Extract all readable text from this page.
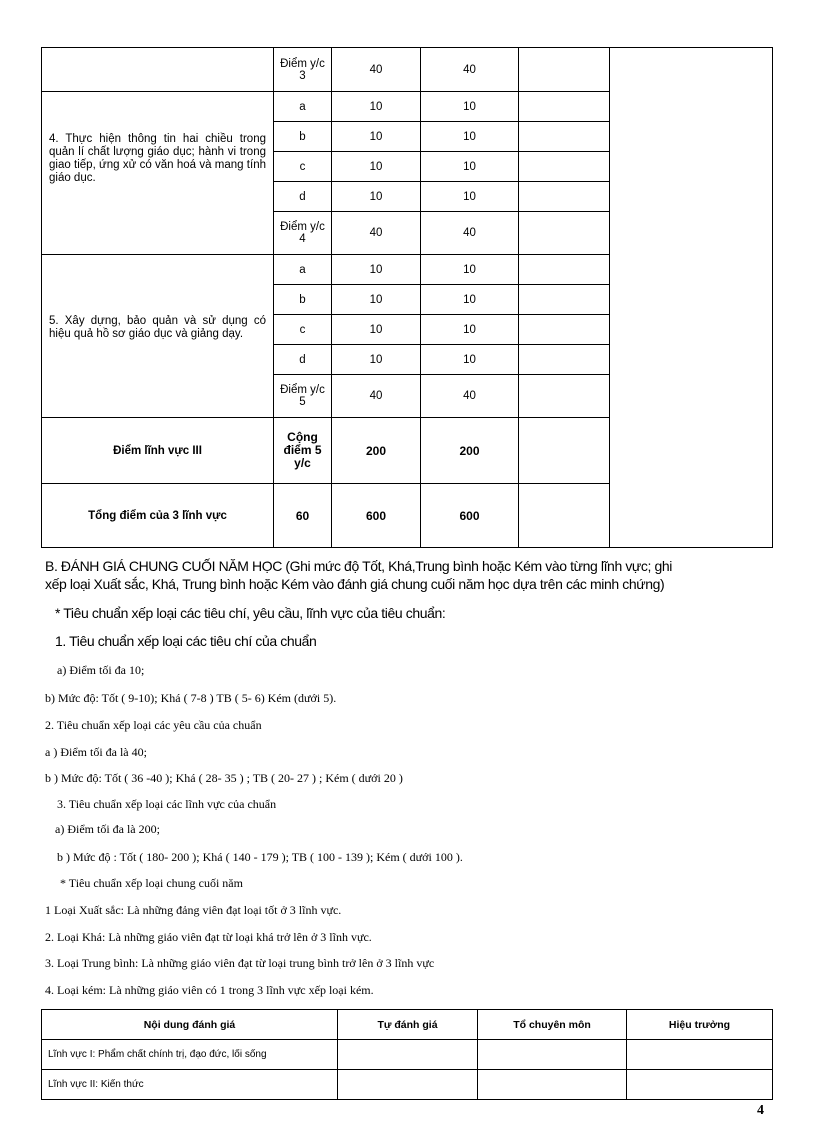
	Điểm y/c 3	40	40		

4. Thực hiện thông tin hai chiều trong quản lí chất lượng giáo dục; hành vi trong giao tiếp, ứng xử có văn hoá và mang tính giáo dục.	a	10	10		
	b	10	10		
	c	10	10		
	d	10	10		
	Điểm y/c 4	40	40		

5. Xây dựng, bảo quản và sử dụng có hiệu quả hồ sơ giáo dục và giảng dạy.	a	10	10		
	b	10	10		
	c	10	10		
	d	10	10		
	Điểm y/c 5	40	40		
Điểm lĩnh vực III	Cộng điểm 5 y/c	200	200		
Tổng điểm của 3 lĩnh vực	60	600	600		
B. ĐÁNH GIÁ CHUNG CUỐI NĂM HỌC (Ghi mức độ Tốt, Khá,Trung bình hoặc Kém vào từng lĩnh vực; ghi
xếp loại Xuất sắc, Khá, Trung bình hoặc Kém vào đánh giá chung cuối năm học dựa trên các minh chứng)
* Tiêu chuẩn xếp loại các tiêu chí, yêu cầu, lĩnh vực của tiêu chuẩn:
1. Tiêu chuẩn xếp loại các tiêu chí của chuẩn
a) Điểm tối đa 10;
b) Mức độ: Tốt ( 9-10); Khá ( 7-8 ) TB ( 5- 6) Kém (dưới 5).
2. Tiêu chuẩn xếp loại các yêu cầu của chuẩn
a ) Điểm tối đa là 40;
b ) Mức độ: Tốt ( 36 -40 ); Khá ( 28- 35 ) ; TB ( 20- 27 ) ; Kém ( dưới 20 )
3. Tiêu chuẩn xếp loại các lĩnh vực của chuẩn
a) Điểm tối đa là 200;
b ) Mức độ : Tốt ( 180- 200 ); Khá ( 140 - 179 ); TB ( 100 - 139 ); Kém ( dưới 100 ).
* Tiêu chuẩn xếp loại chung cuối năm
1 Loại Xuất sắc: Là những đảng viên đạt loại tốt ở 3 lĩnh vực.
2. Loại Khá: Là những giáo viên đạt từ loại khá trở lên ở 3 lĩnh vực.
3. Loại Trung bình: Là những giáo viên đạt từ loại trung bình trở lên ở 3 lĩnh vực
4. Loại kém: Là những giáo viên có 1 trong 3 lĩnh vực xếp loại kém.
Nội dung đánh giá	Tự đánh giá	Tổ chuyên môn	Hiệu trưởng
Lĩnh vực I: Phẩm chất chính trị, đạo đức, lối sống			
Lĩnh vực II: Kiến thức			
4
